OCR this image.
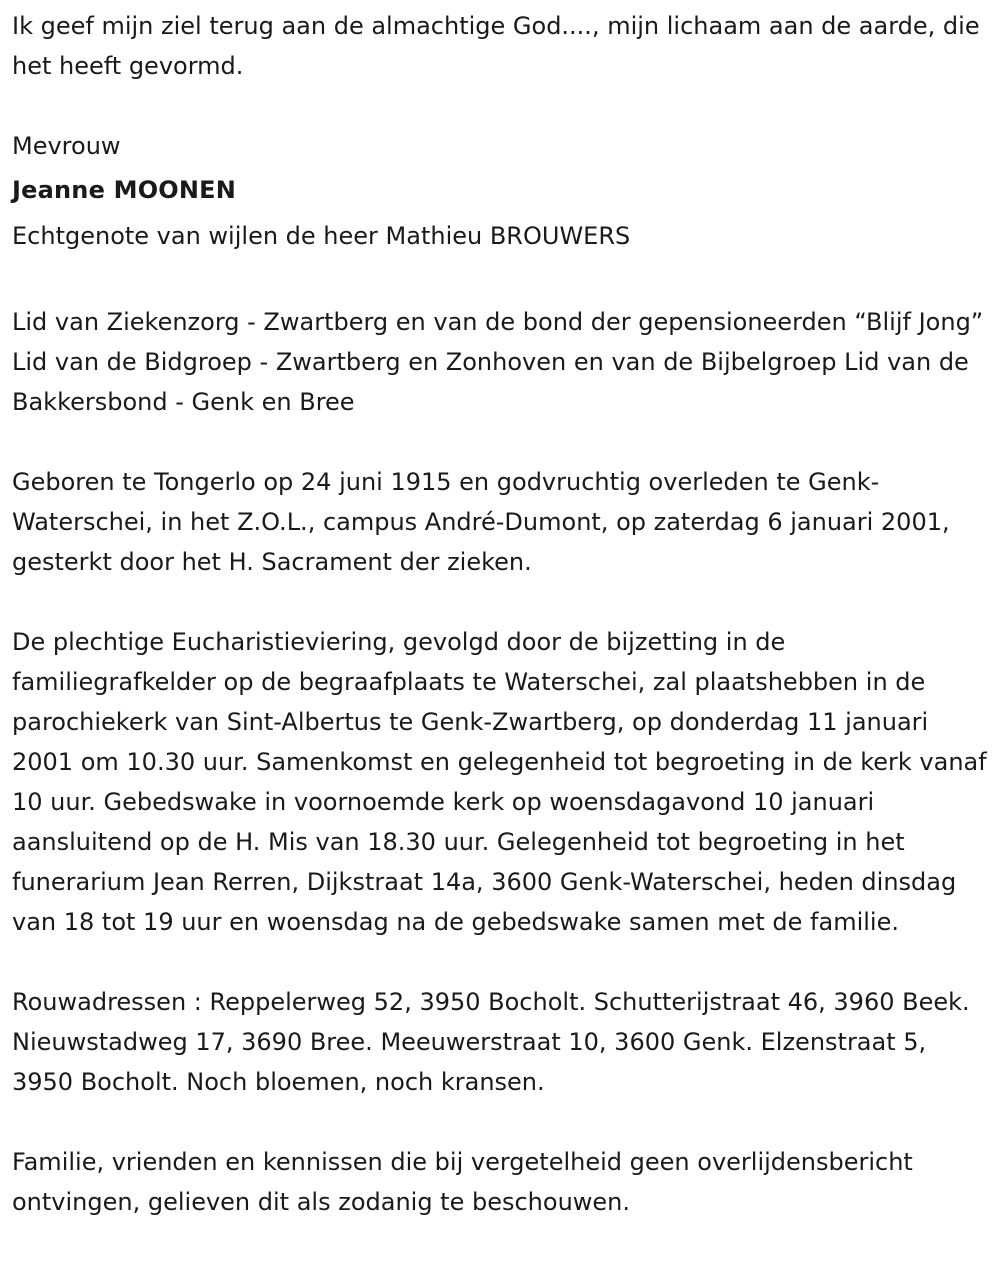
Ik geef mijn ziel terug aan de almachtige God...., mijn lichaam aan de aarde, die het heeft gevormd.

Mevrouw

Jeanne MOONEN

Echtgenote van wijlen de heer Mathieu BROUWERS

Lid van Ziekenzorg - Zwartberg en van de bond der gepensioneerden “Blijf Jong” Lid van de Bidgroep - Zwartberg en Zonhoven en van de Bijbelgroep Lid van de Bakkersbond - Genk en Bree

Geboren te Tongerlo op 24 juni 1915 en godvruchtig overleden te Genk-Waterschei, in het Z.O.L., campus André-Dumont, op zaterdag 6 januari 2001, gesterkt door het H. Sacrament der zieken.

De plechtige Eucharistieviering, gevolgd door de bijzetting in de familiegrafkelder op de begraafplaats te Waterschei, zal plaatshebben in de parochiekerk van Sint-Albertus te Genk-Zwartberg, op donderdag 11 januari 2001 om 10.30 uur. Samenkomst en gelegenheid tot begroeting in de kerk vanaf 10 uur. Gebedswake in voornoemde kerk op woensdagavond 10 januari aansluitend op de H. Mis van 18.30 uur. Gelegenheid tot begroeting in het funerarium Jean Rerren, Dijkstraat 14a, 3600 Genk-Waterschei, heden dinsdag van 18 tot 19 uur en woensdag na de gebedswake samen met de familie.

Rouwadressen : Reppelerweg 52, 3950 Bocholt. Schutterijstraat 46, 3960 Beek. Nieuwstadweg 17, 3690 Bree. Meeuwerstraat 10, 3600 Genk. Elzenstraat 5, 3950 Bocholt. Noch bloemen, noch kransen.

Familie, vrienden en kennissen die bij vergetelheid geen overlijdensbericht ontvingen, gelieven dit als zodanig te beschouwen.
